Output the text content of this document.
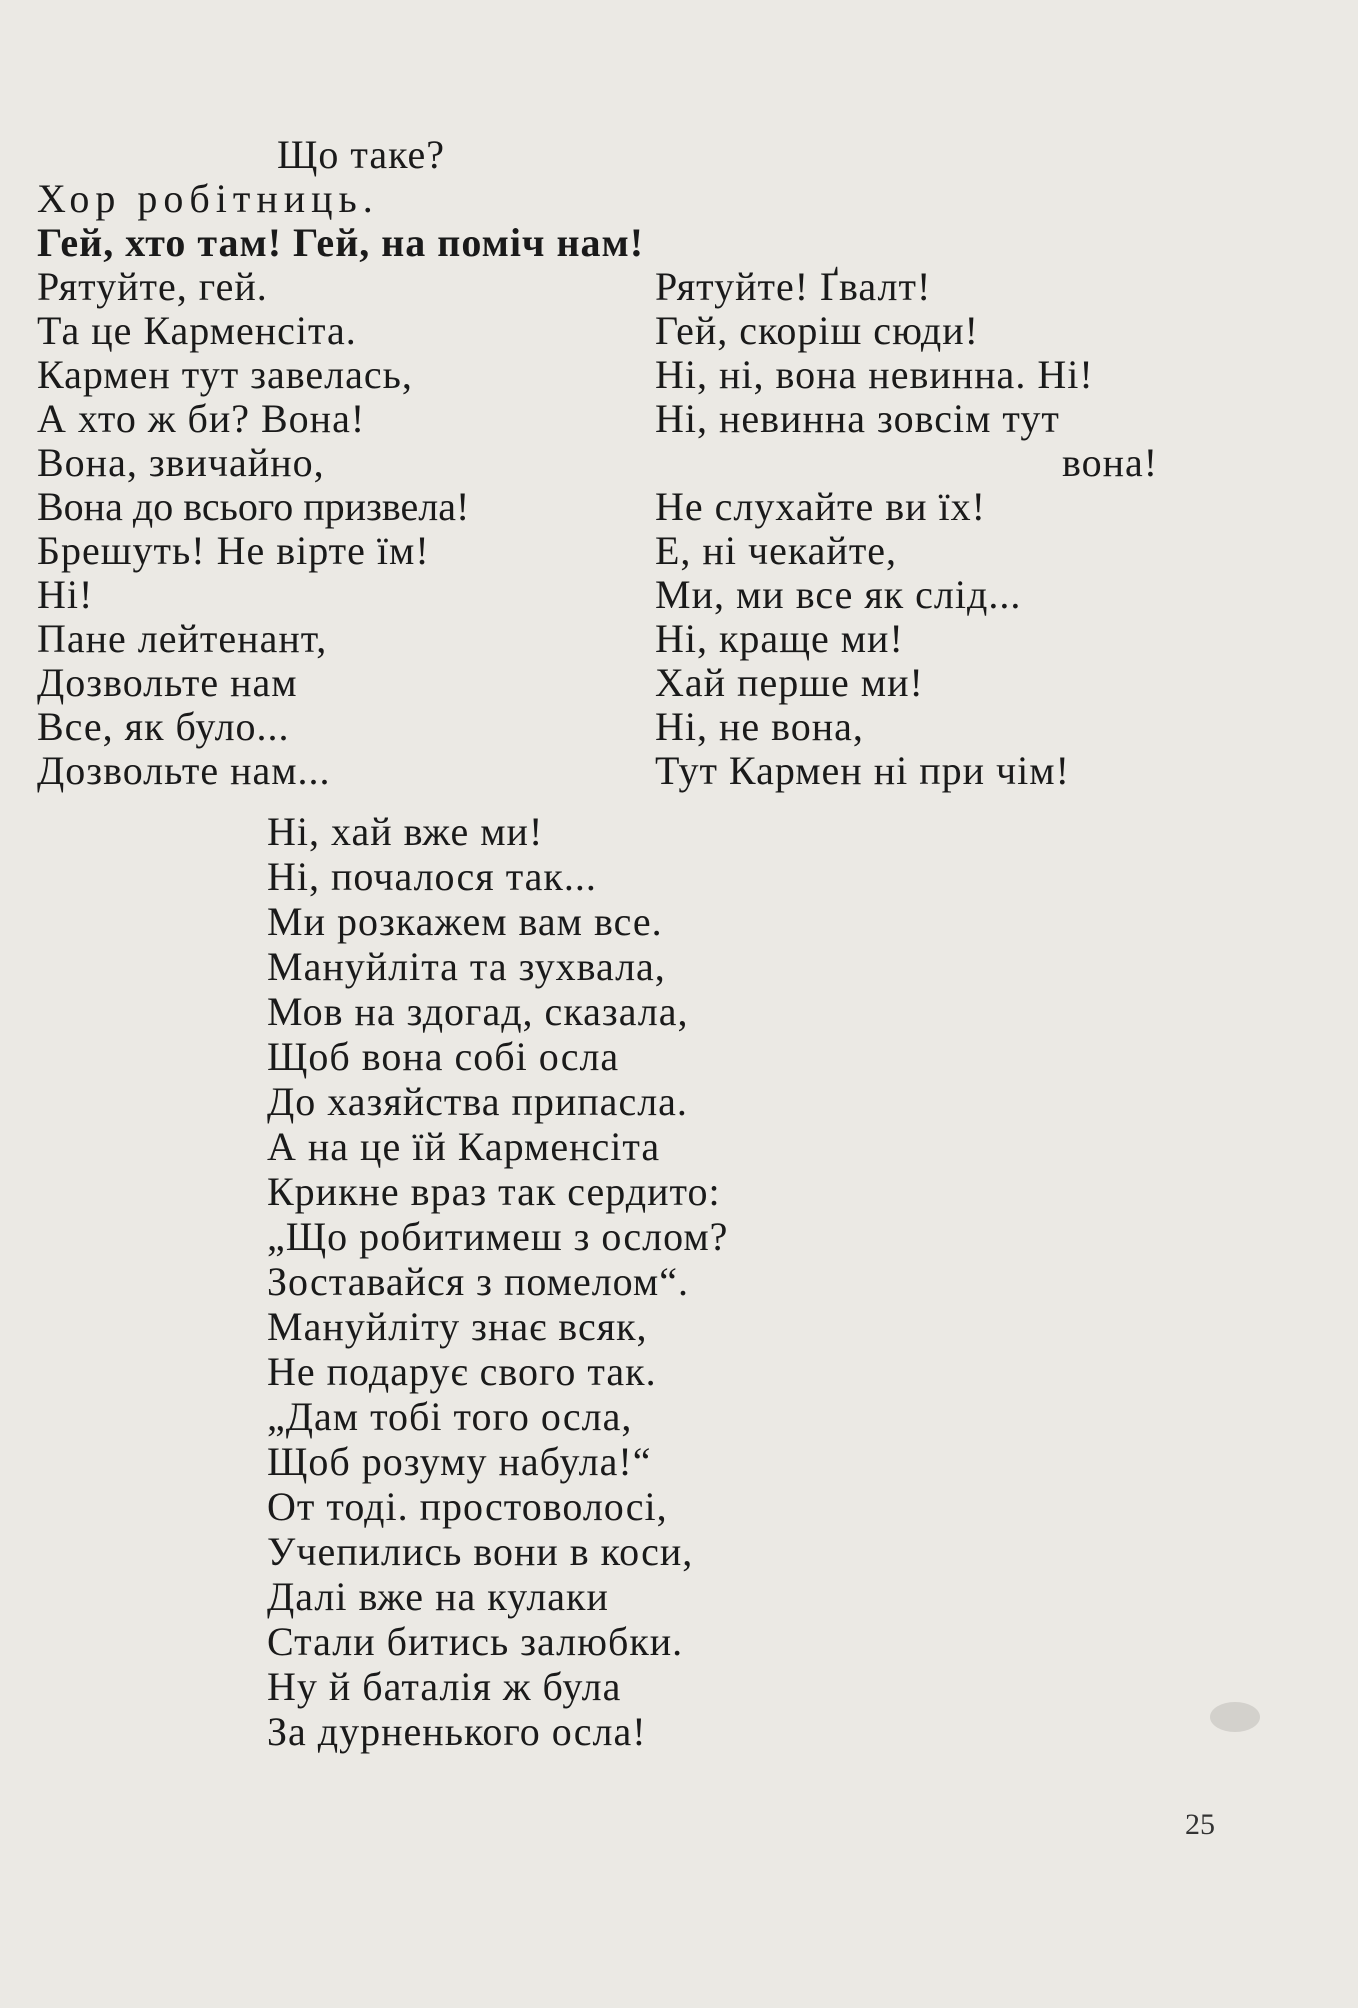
Що таке?
Хор робітниць.
Гей, хто там! Гей, на поміч нам!
Рятуйте, гей.
Та це Карменсіта.
Кармен тут завелась,
А хто ж би? Вона!
Вона, звичайно,
Вона до всього призвела!
Брешуть! Не вірте їм!
Ні!
Пане лейтенант,
Дозвольте нам
Все, як було...
Дозвольте нам...
Рятуйте! Ґвалт!
Гей, скоріш сюди!
Ні, ні, вона невинна. Ні!
Ні, невинна зовсім тут
вона!
Не слухайте ви їх!
Е, ні чекайте,
Ми, ми все як слід...
Ні, краще ми!
Хай перше ми!
Ні, не вона,
Тут Кармен ні при чім!
Ні, хай вже ми!
Ні, почалося так...
Ми розкажем вам все.
Мануйліта та зухвала,
Мов на здогад, сказала,
Щоб вона собі осла
До хазяйства припасла.
А на це їй Карменсіта
Крикне враз так сердито:
„Що робитимеш з ослом?
Зоставайся з помелом“.
Мануйліту знає всяк,
Не подарує свого так.
„Дам тобі того осла,
Щоб розуму набула!“
От тоді. простоволосі,
Учепились вони в коси,
Далі вже на кулаки
Стали битись залюбки.
Ну й баталія ж була
За дурненького осла!
25
